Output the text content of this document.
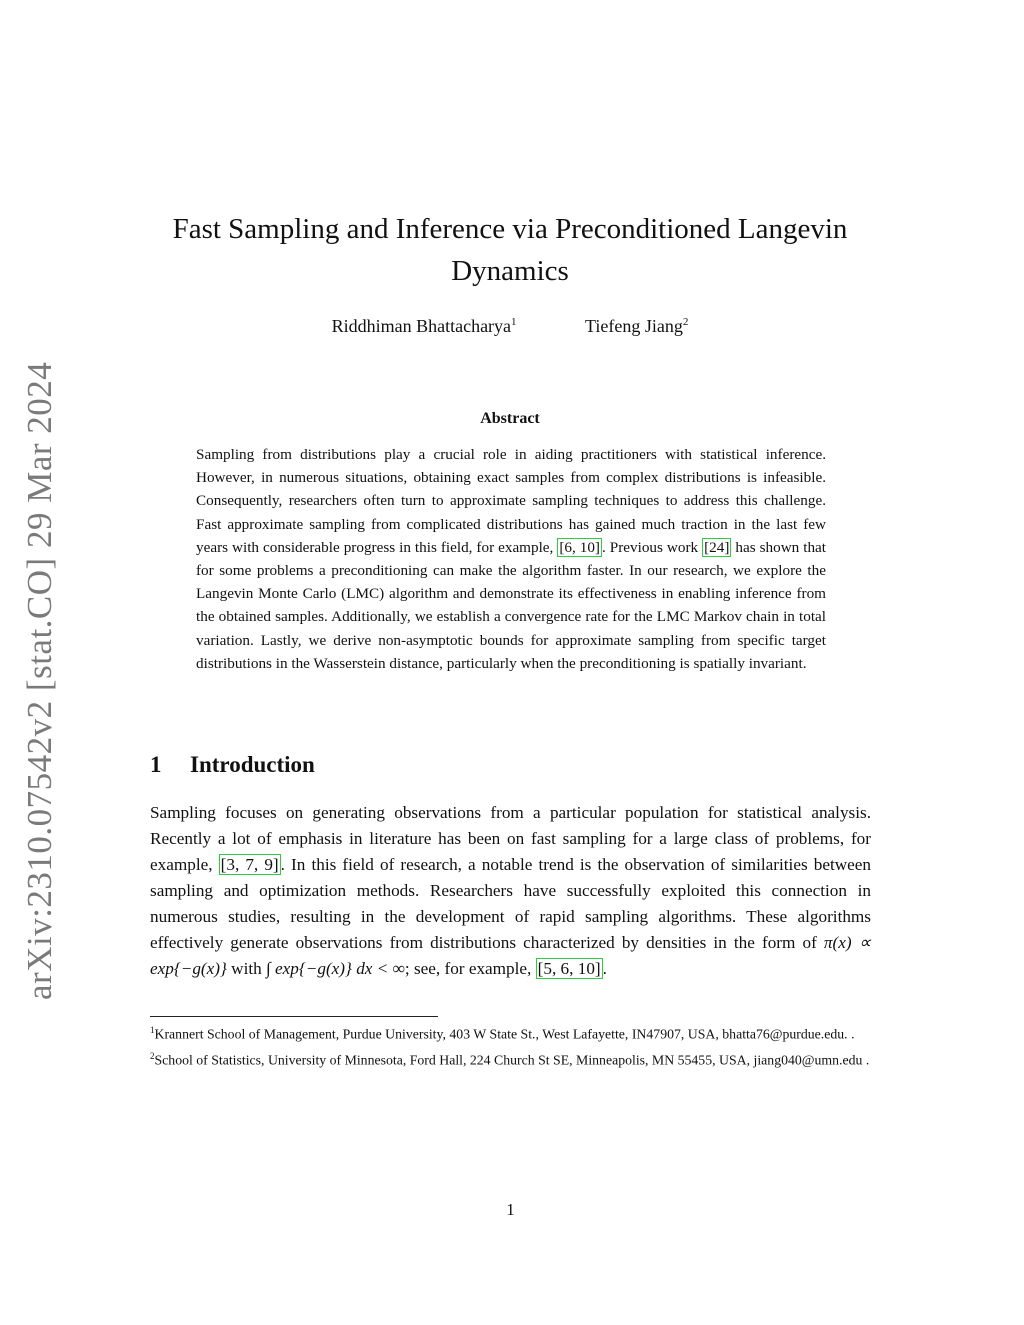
arXiv:2310.07542v2 [stat.CO] 29 Mar 2024
Fast Sampling and Inference via Preconditioned Langevin Dynamics
Riddhiman Bhattacharya$^1$	Tiefeng Jiang$^2$
Abstract
Sampling from distributions play a crucial role in aiding practitioners with statistical inference. However, in numerous situations, obtaining exact samples from complex distributions is infeasible. Consequently, researchers often turn to approximate sampling techniques to address this challenge. Fast approximate sampling from complicated distributions has gained much traction in the last few years with considerable progress in this field, for example, [6, 10] . Previous work [24] has shown that for some problems a preconditioning can make the algorithm faster. In our research, we explore the Langevin Monte Carlo (LMC) algorithm and demonstrate its effectiveness in enabling inference from the obtained samples. Additionally, we establish a convergence rate for the LMC Markov chain in total variation. Lastly, we derive non-asymptotic bounds for approximate sampling from specific target distributions in the Wasserstein distance, particularly when the preconditioning is spatially invariant.
1 Introduction
Sampling focuses on generating observations from a particular population for statistical analysis. Recently a lot of emphasis in literature has been on fast sampling for a large class of problems, for example, [3, 7, 9] . In this field of research, a notable trend is the observation of similarities between sampling and optimization methods. Researchers have successfully exploited this connection in numerous studies, resulting in the development of rapid sampling algorithms. These algorithms effectively generate observations from distributions characterized by densities in the form of π(x) ∝ exp{−g(x)} with ∫ exp{−g(x)} dx < ∞; see, for example, [5, 6, 10] .

$^1$Krannert School of Management, Purdue University, 403 W State St., West Lafayette, IN47907, USA, bhatta76@purdue.edu. .

$^2$School of Statistics, University of Minnesota, Ford Hall, 224 Church St SE, Minneapolis, MN 55455, USA, jiang040@umn.edu .

1
